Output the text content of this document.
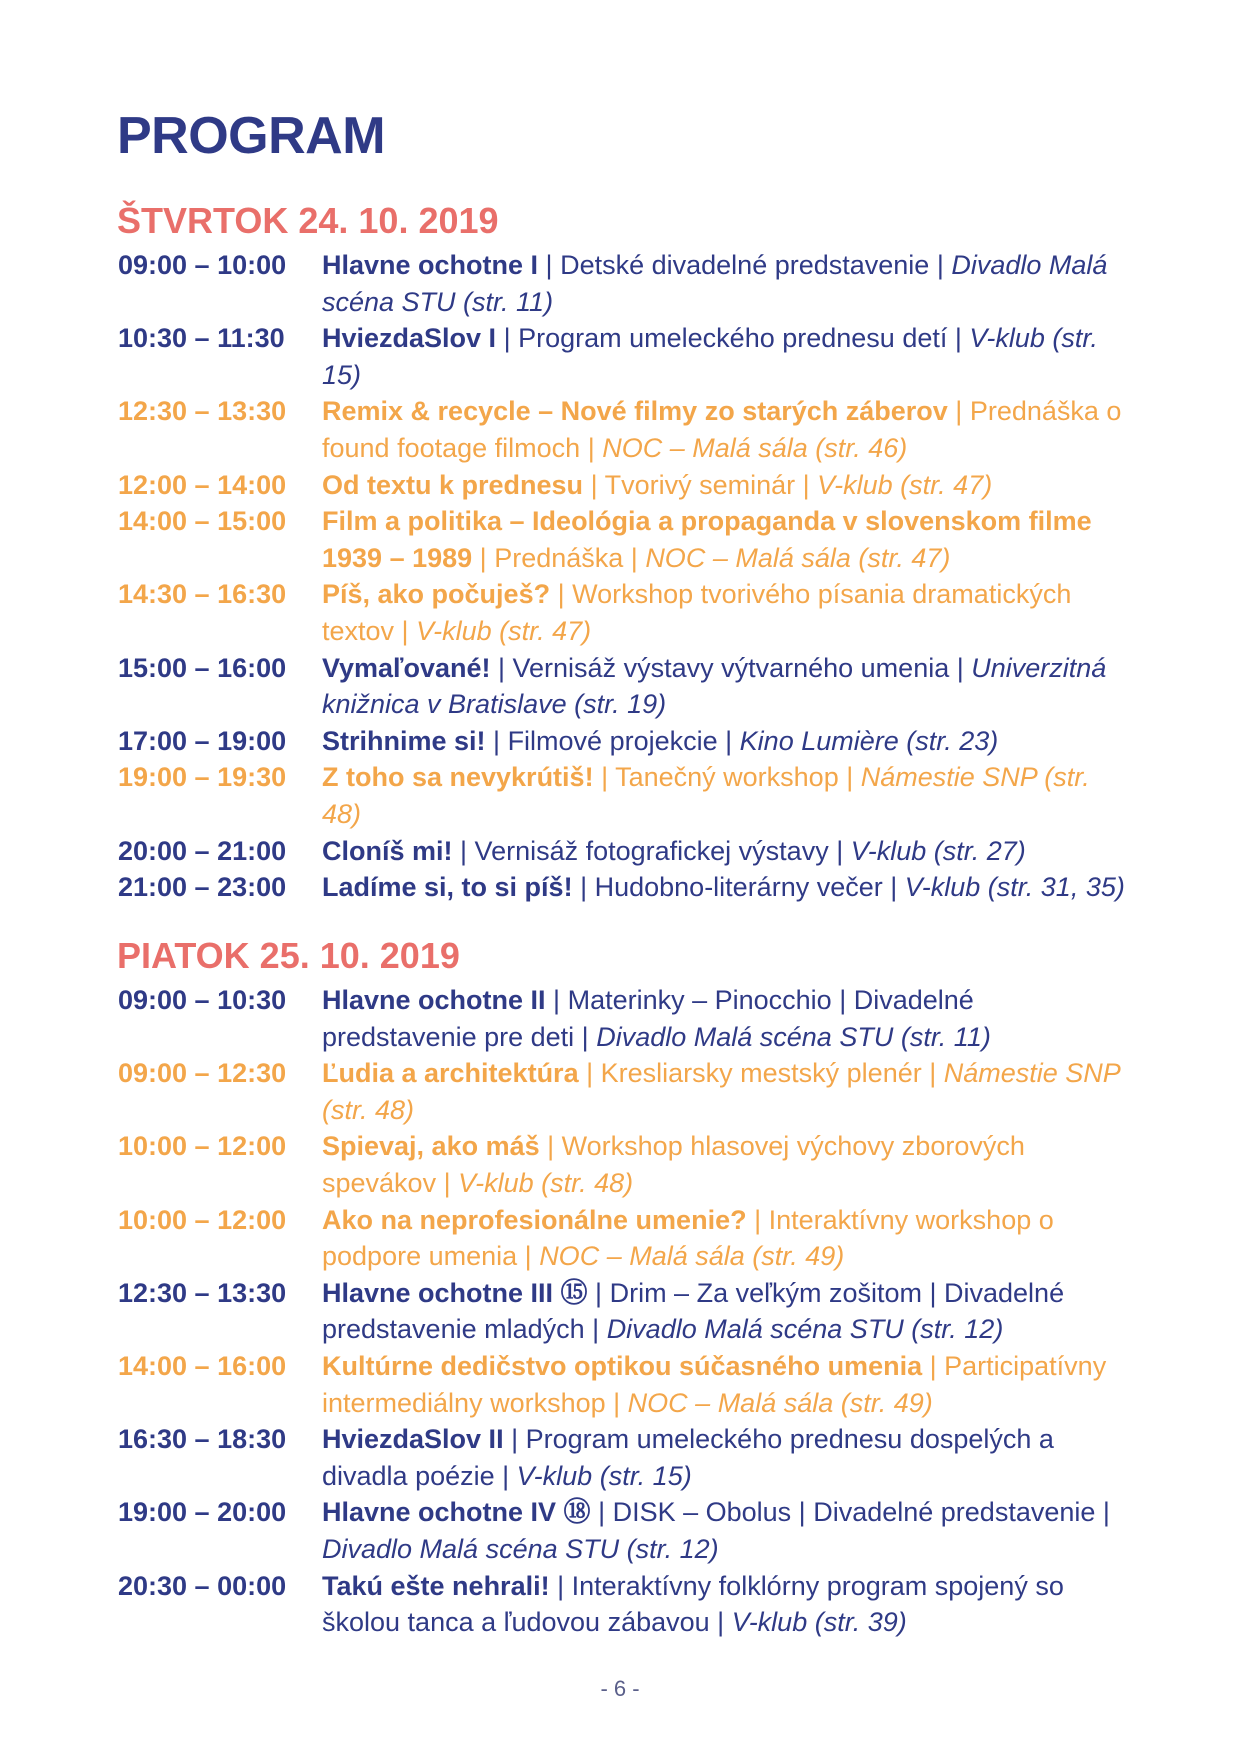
PROGRAM
ŠTVRTOK 24. 10. 2019
09:00 – 10:00 Hlavne ochotne I | Detské divadelné predstavenie | Divadlo Malá scéna STU (str. 11)
10:30 – 11:30 HviezdaSlov I | Program umeleckého prednesu detí | V-klub (str. 15)
12:30 – 13:30 Remix & recycle – Nové filmy zo starých záberov | Prednáška o found footage filmoch | NOC – Malá sála (str. 46)
12:00 – 14:00 Od textu k prednesu | Tvorivý seminár | V-klub (str. 47)
14:00 – 15:00 Film a politika – Ideológia a propaganda v slovenskom filme 1939 – 1989 | Prednáška | NOC – Malá sála (str. 47)
14:30 – 16:30 Píš, ako počuješ? | Workshop tvorivého písania dramatických textov | V-klub (str. 47)
15:00 – 16:00 Vymaľované! | Vernisáž výstavy výtvarného umenia | Univerzitná knižnica v Bratislave (str. 19)
17:00 – 19:00 Strihnime si! | Filmové projekcie | Kino Lumière (str. 23)
19:00 – 19:30 Z toho sa nevykrútiš! | Tanečný workshop | Námestie SNP (str. 48)
20:00 – 21:00 Cloníš mi! | Vernisáž fotografickej výstavy | V-klub (str. 27)
21:00 – 23:00 Ladíme si, to si píš! | Hudobno-literárny večer | V-klub (str. 31, 35)
PIATOK 25. 10. 2019
09:00 – 10:30 Hlavne ochotne II | Materinky – Pinocchio | Divadelné predstavenie pre deti | Divadlo Malá scéna STU (str. 11)
09:00 – 12:30 Ľudia a architektúra | Kresliarsky mestský plenér | Námestie SNP (str. 48)
10:00 – 12:00 Spievaj, ako máš | Workshop hlasovej výchovy zborových spevákov | V-klub (str. 48)
10:00 – 12:00 Ako na neprofesionálne umenie? | Interaktívny workshop o podpore umenia | NOC – Malá sála (str. 49)
12:30 – 13:30 Hlavne ochotne III ⑮ | Drim – Za veľkým zošitom | Divadelné predstavenie mladých | Divadlo Malá scéna STU (str. 12)
14:00 – 16:00 Kultúrne dedičstvo optikou súčasného umenia | Participatívny intermediálny workshop | NOC – Malá sála (str. 49)
16:30 – 18:30 HviezdaSlov II | Program umeleckého prednesu dospelých a divadla poézie | V-klub (str. 15)
19:00 – 20:00 Hlavne ochotne IV ⑱ | DISK – Obolus | Divadelné predstavenie | Divadlo Malá scéna STU (str. 12)
20:30 – 00:00 Takú ešte nehrali! | Interaktívny folklórny program spojený so školou tanca a ľudovou zábavou | V-klub (str. 39)
- 6 -
